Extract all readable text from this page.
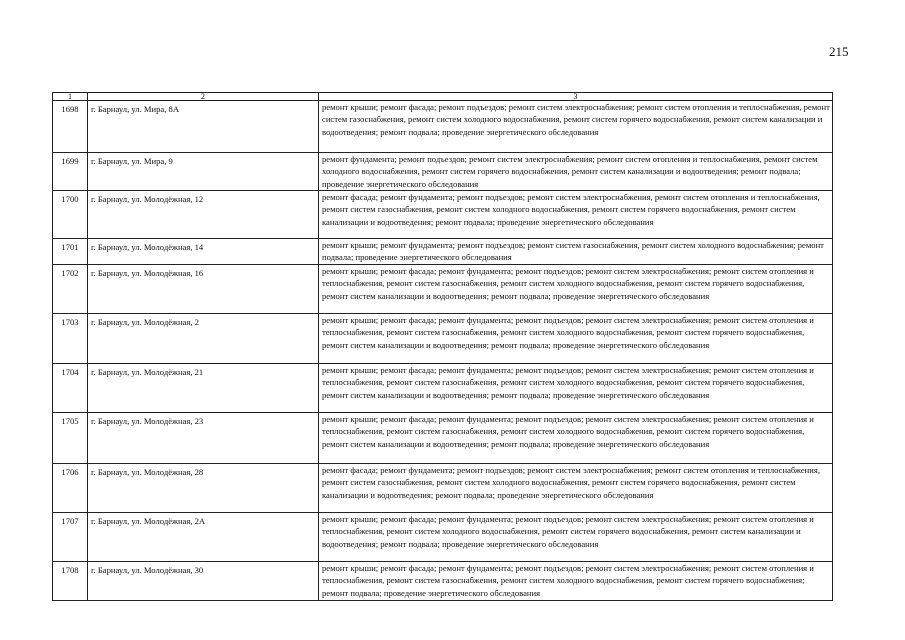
215
1	2	3
1698	г. Барнаул, ул. Мира, 8А	ремонт крыши; ремонт фасада; ремонт подъездов; ремонт систем электроснабжения; ремонт систем отопления и теплоснабжения, ремонт систем газоснабжения, ремонт систем холодного водоснабжения, ремонт систем горячего водоснабжения, ремонт систем канализации и водоотведения; ремонт подвала; проведение энергетического обследования
1699	г. Барнаул, ул. Мира, 9	ремонт фундамента; ремонт подъездов; ремонт систем электроснабжения; ремонт систем отопления и теплоснабжения, ремонт систем холодного водоснабжения, ремонт систем горячего водоснабжения, ремонт систем канализации и водоотведения; ремонт подвала; проведение энергетического обследования
1700	г. Барнаул, ул. Молодёжная, 12	ремонт фасада; ремонт фундамента; ремонт подъездов; ремонт систем электроснабжения, ремонт систем отопления и теплоснабжения, ремонт систем газоснабжения, ремонт систем холодного водоснабжения, ремонт систем горячего водоснабжения, ремонт систем канализации и водоотведения; ремонт подвала; проведение энергетического обследования
1701	г. Барнаул, ул. Молодёжная, 14	ремонт крыши; ремонт фундамента; ремонт подъездов; ремонт систем газоснабжения, ремонт систем холодного водоснабжения; ремонт подвала; проведение энергетического обследования
1702	г. Барнаул, ул. Молодёжная, 16	ремонт крыши; ремонт фасада; ремонт фундамента; ремонт подъездов; ремонт систем электроснабжения; ремонт систем отопления и теплоснабжения, ремонт систем газоснабжения, ремонт систем холодного водоснабжения, ремонт систем горячего водоснабжения, ремонт систем канализации и водоотведения; ремонт подвала; проведение энергетического обследования
1703	г. Барнаул, ул. Молодёжная, 2	ремонт крыши; ремонт фасада; ремонт фундамента; ремонт подъездов; ремонт систем электроснабжения; ремонт систем отопления и теплоснабжения, ремонт систем газоснабжения, ремонт систем холодного водоснабжения, ремонт систем горячего водоснабжения, ремонт систем канализации и водоотведения; ремонт подвала; проведение энергетического обследования
1704	г. Барнаул, ул. Молодёжная, 21	ремонт крыши; ремонт фасада; ремонт фундамента; ремонт подъездов; ремонт систем электроснабжения; ремонт систем отопления и теплоснабжения, ремонт систем газоснабжения, ремонт систем холодного водоснабжения, ремонт систем горячего водоснабжения, ремонт систем канализации и водоотведения; ремонт подвала; проведение энергетического обследования
1705	г. Барнаул, ул. Молодёжная, 23	ремонт крыши; ремонт фасада; ремонт фундамента; ремонт подъездов; ремонт систем электроснабжения; ремонт систем отопления и теплоснабжения, ремонт систем газоснабжения, ремонт систем холодного водоснабжения, ремонт систем горячего водоснабжения, ремонт систем канализации и водоотведения; ремонт подвала; проведение энергетического обследования
1706	г. Барнаул, ул. Молодёжная, 28	ремонт фасада; ремонт фундамента; ремонт подъездов; ремонт систем электроснабжения; ремонт систем отопления и теплоснабжения, ремонт систем газоснабжения, ремонт систем холодного водоснабжения, ремонт систем горячего водоснабжения, ремонт систем канализации и водоотведения; ремонт подвала; проведение энергетического обследования
1707	г. Барнаул, ул. Молодёжная, 2А	ремонт крыши; ремонт фасада; ремонт фундамента; ремонт подъездов; ремонт систем электроснабжения; ремонт систем отопления и теплоснабжения, ремонт систем холодного водоснабжения, ремонт систем горячего водоснабжения, ремонт систем канализации и водоотведения; ремонт подвала; проведение энергетического обследования
1708	г. Барнаул, ул. Молодёжная, 30	ремонт крыши; ремонт фасада; ремонт фундамента; ремонт подъездов; ремонт систем электроснабжения; ремонт систем отопления и теплоснабжения, ремонт систем газоснабжения, ремонт систем холодного водоснабжения, ремонт систем горячего водоснабжения; ремонт подвала; проведение энергетического обследования
